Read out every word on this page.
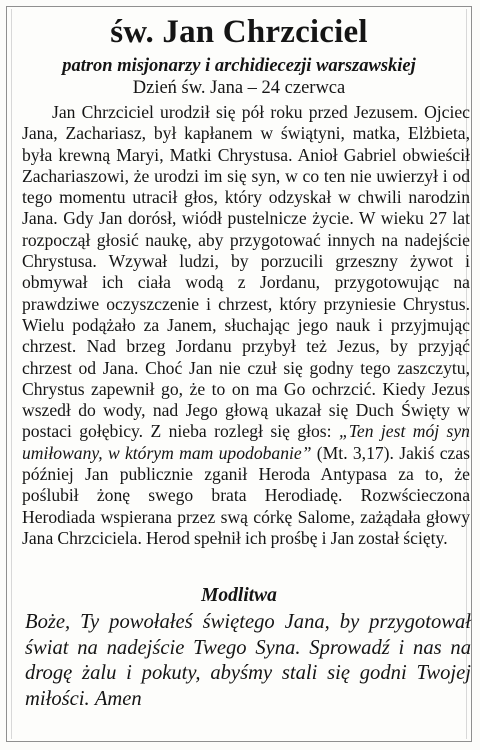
św. Jan Chrzciciel
patron misjonarzy i archidiecezji warszawskiej
Dzień św. Jana – 24 czerwca
Jan Chrzciciel urodził się pół roku przed Jezusem. Ojciec Jana, Zachariasz, był kapłanem w świątyni, matka, Elżbieta, była krewną Maryi, Matki Chrystusa. Anioł Gabriel obwieścił Zachariaszowi, że urodzi im się syn, w co ten nie uwierzył i od tego momentu utracił głos, który odzyskał w chwili narodzin Jana. Gdy Jan dorósł, wiódł pustelnicze życie. W wieku 27 lat rozpoczął głosić naukę, aby przygotować innych na nadejście Chrystusa. Wzywał ludzi, by porzucili grzeszny żywot i obmywał ich ciała wodą z Jordanu, przygotowując na prawdziwe oczyszczenie i chrzest, który przyniesie Chrystus. Wielu podążało za Janem, słuchając jego nauk i przyjmując chrzest. Nad brzeg Jordanu przybył też Jezus, by przyjąć chrzest od Jana. Choć Jan nie czuł się godny tego zaszczytu, Chrystus zapewnił go, że to on ma Go ochrzcić. Kiedy Jezus wszedł do wody, nad Jego głową ukazał się Duch Święty w postaci gołębicy. Z nieba rozległ się głos: „Ten jest mój syn umiłowany, w którym mam upodobanie” (Mt. 3,17). Jakiś czas później Jan publicznie zganił Heroda Antypasa za to, że poślubił żonę swego brata Herodiadę. Rozwścieczona Herodiada wspierana przez swą córkę Salome, zażądała głowy Jana Chrzciciela. Herod spełnił ich prośbę i Jan został ścięty.
Modlitwa
Boże, Ty powołałeś świętego Jana, by przygotował świat na nadejście Twego Syna. Sprowadź i nas na drogę żalu i pokuty, abyśmy stali się godni Twojej miłości. Amen
